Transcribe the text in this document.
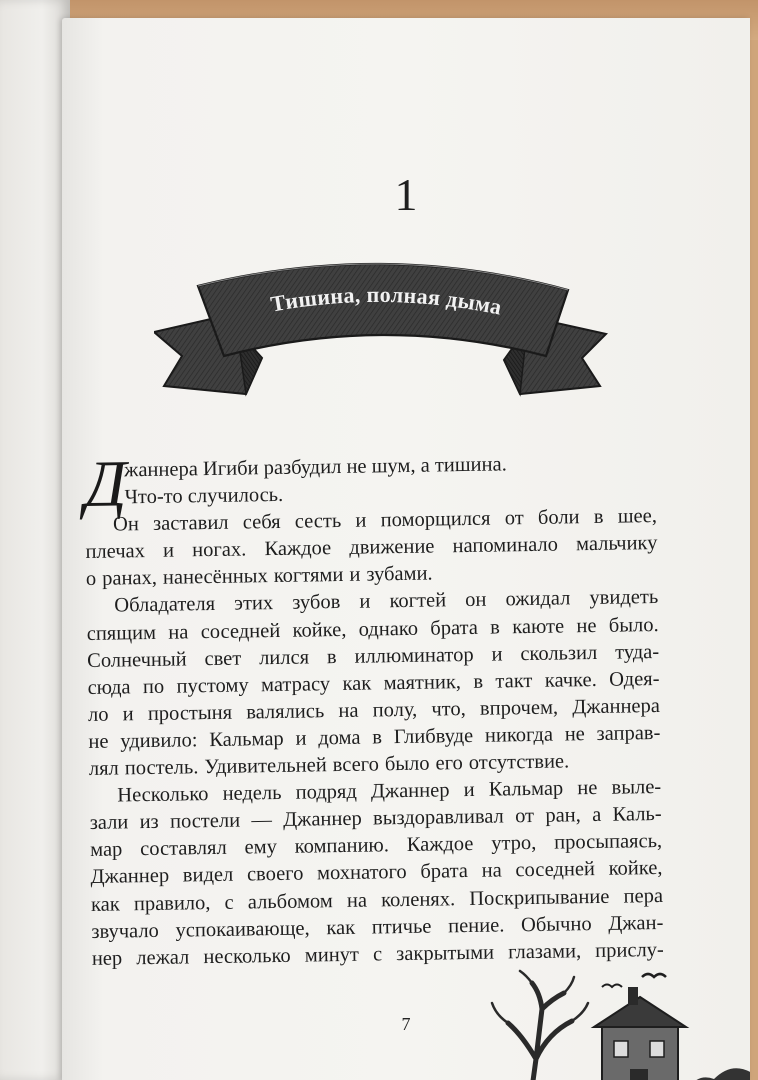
1
Тишина, полная дыма
Д
жаннера Игиби разбудил не шум, а тишина.
Что-то случилось.
Он заставил себя сесть и поморщился от боли в шее,
плечах и ногах. Каждое движение напоминало мальчику
о ранах, нанесённых когтями и зубами.
Обладателя этих зубов и когтей он ожидал увидеть
спящим на соседней койке, однако брата в каюте не было.
Солнечный свет лился в иллюминатор и скользил туда-
сюда по пустому матрасу как маятник, в такт качке. Одея-
ло и простыня валялись на полу, что, впрочем, Джаннера
не удивило: Кальмар и дома в Глибвуде никогда не заправ-
лял постель. Удивительней всего было его отсутствие.
Несколько недель подряд Джаннер и Кальмар не выле-
зали из постели — Джаннер выздоравливал от ран, а Каль-
мар составлял ему компанию. Каждое утро, просыпаясь,
Джаннер видел своего мохнатого брата на соседней койке,
как правило, с альбомом на коленях. Поскрипывание пера
звучало успокаивающе, как птичье пение. Обычно Джан-
нер лежал несколько минут с закрытыми глазами, прислу-
7
